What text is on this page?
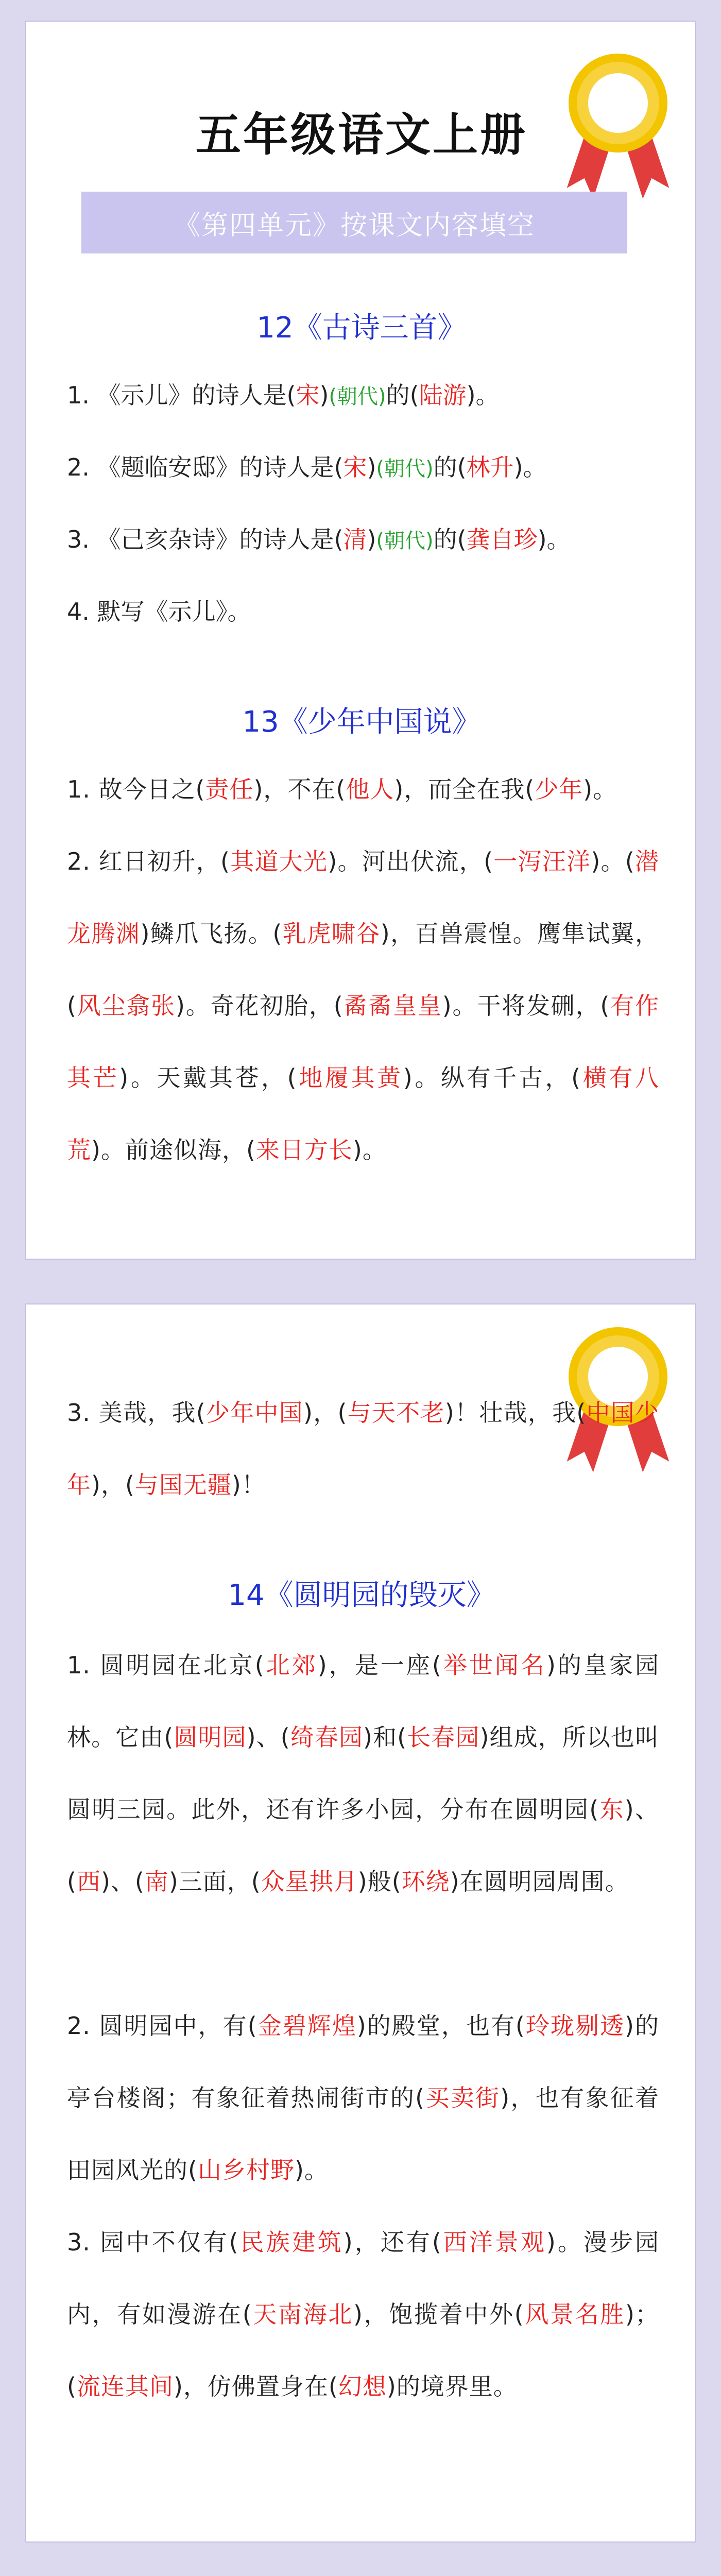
五年级语文上册
《第四单元》按课文内容填空
12《古诗三首》
1. 《示儿》的诗人是(宋)(朝代)的(陆游)。
2. 《题临安邸》的诗人是(宋)(朝代)的(林升)。
3. 《己亥杂诗》的诗人是(清)(朝代)的(龚自珍)。
4. 默写《示儿》。
13《少年中国说》
1. 故今日之(责任)，不在(他人)，而全在我(少年)。
2. 红日初升，(其道大光)。河出伏流，(一泻汪洋)。(潜龙腾渊)鳞爪飞扬。(乳虎啸谷)，百兽震惶。鹰隼试翼，(风尘翕张)。奇花初胎，(矞矞皇皇)。干将发硎，(有作其芒)。天戴其苍，(地履其黄)。纵有千古，(横有八荒)。前途似海，(来日方长)。
3. 美哉，我(少年中国)，(与天不老)！壮哉，我(中国少年)，(与国无疆)！
14《圆明园的毁灭》
1. 圆明园在北京(北郊)，是一座(举世闻名)的皇家园林。它由(圆明园)、(绮春园)和(长春园)组成，所以也叫圆明三园。此外，还有许多小园，分布在圆明园(东)、(西)、(南)三面，(众星拱月)般(环绕)在圆明园周围。
2. 圆明园中，有(金碧辉煌)的殿堂，也有(玲珑剔透)的亭台楼阁；有象征着热闹街市的(买卖街)，也有象征着田园风光的(山乡村野)。
3. 园中不仅有(民族建筑)，还有(西洋景观)。漫步园内，有如漫游在(天南海北)，饱揽着中外(风景名胜)；(流连其间)，仿佛置身在(幻想)的境界里。
